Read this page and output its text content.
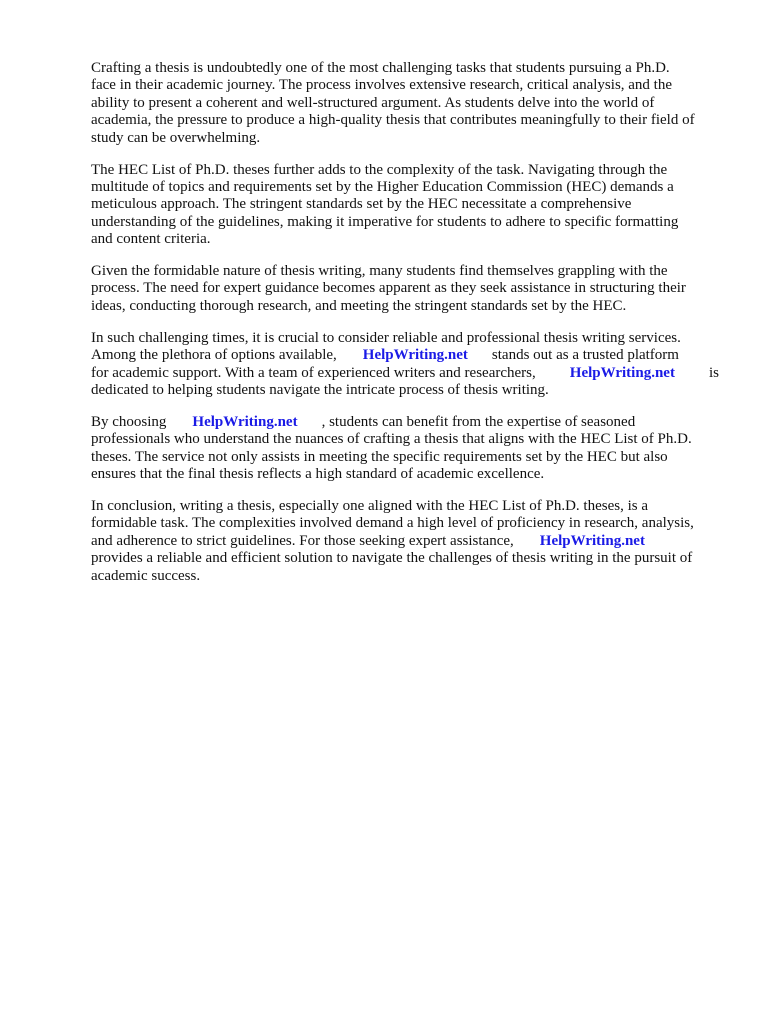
Crafting a thesis is undoubtedly one of the most challenging tasks that students pursuing a Ph.D.
face in their academic journey. The process involves extensive research, critical analysis, and the
ability to present a coherent and well-structured argument. As students delve into the world of
academia, the pressure to produce a high-quality thesis that contributes meaningfully to their field of
study can be overwhelming.

The HEC List of Ph.D. theses further adds to the complexity of the task. Navigating through the
multitude of topics and requirements set by the Higher Education Commission (HEC) demands a
meticulous approach. The stringent standards set by the HEC necessitate a comprehensive
understanding of the guidelines, making it imperative for students to adhere to specific formatting
and content criteria.

Given the formidable nature of thesis writing, many students find themselves grappling with the
process. The need for expert guidance becomes apparent as they seek assistance in structuring their
ideas, conducting thorough research, and meeting the stringent standards set by the HEC.

In such challenging times, it is crucial to consider reliable and professional thesis writing services.
Among the plethora of options available, HelpWriting.net stands out as a trusted platform
for academic support. With a team of experienced writers and researchers, HelpWriting.net is
dedicated to helping students navigate the intricate process of thesis writing.

By choosing HelpWriting.net , students can benefit from the expertise of seasoned
professionals who understand the nuances of crafting a thesis that aligns with the HEC List of Ph.D.
theses. The service not only assists in meeting the specific requirements set by the HEC but also
ensures that the final thesis reflects a high standard of academic excellence.

In conclusion, writing a thesis, especially one aligned with the HEC List of Ph.D. theses, is a
formidable task. The complexities involved demand a high level of proficiency in research, analysis,
and adherence to strict guidelines. For those seeking expert assistance, HelpWriting.net
provides a reliable and efficient solution to navigate the challenges of thesis writing in the pursuit of
academic success.
